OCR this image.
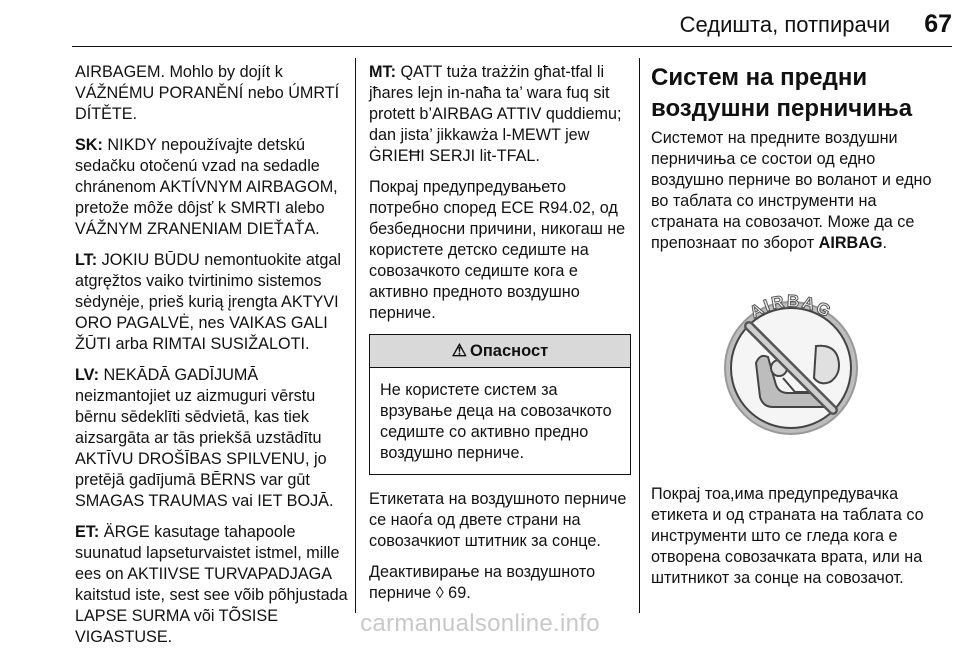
Седишта, потпирачи 67

AIRBAGEM. Mohlo by dojít k VÁŽNÉMU PORANĚNÍ nebo ÚMRTÍ DÍTĚTE.

SK: NIKDY nepoužívajte detskú sedačku otočenú vzad na sedadle chránenom AKTÍVNYM AIRBAGOM, pretože môže dôjsť k SMRTI alebo VÁŽNYM ZRANENIAM DIEŤAŤA.

LT: JOKIU BŪDU nemontuokite atgal atgręžtos vaiko tvirtinimo sistemos sėdynėje, prieš kurią įrengta AKTYVI ORO PAGALVĖ, nes VAIKAS GALI ŽŪTI arba RIMTAI SUSIŽALOTI.

LV: NEKĀDĀ GADĪJUMĀ neizmantojiet uz aizmuguri vērstu bērnu sēdeklīti sēdvietā, kas tiek aizsargāta ar tās priekšā uzstādītu AKTĪVU DROŠĪBAS SPILVENU, jo pretējā gadījumā BĒRNS var gūt SMAGAS TRAUMAS vai IET BOJĀ.

ET: ÄRGE kasutage tahapoole suunatud lapseturvaistet istmel, mille ees on AKTIIVSE TURVAPADJAGA kaitstud iste, sest see võib põhjustada LAPSE SURMA või TÕSISE VIGASTUSE.

MT: QATT tuża trażżin għat-tfal li jħares lejn in-naħa ta’ wara fuq sit protett b’AIRBAG ATTIV quddiemu; dan jista’ jikkawża l-MEWT jew ĠRIEĦI SERJI lit-TFAL.

Покрај предупредувањето потребно според ECE R94.02, од безбедносни причини, никогаш не користете детско седиште на совозачкото седиште кога е активно предното воздушно перниче.

⚠ Опасност
Не користете систем за врзување деца на совозачкото седиште со активно предно воздушно перниче.

Етикетата на воздушното перниче се наоѓа од двете страни на совозачкиот штитник за сонце.

Деактивирање на воздушното перниче ◊ 69.

Систем на предни воздушни перничиња

Системот на предните воздушни перничиња се состои од едно воздушно перниче во воланот и едно во таблата со инструменти на страната на совозачот. Може да се препознаат по зборот AIRBAG.

AIRBAG

Покрај тоа,има предупредувачка етикета и од страната на таблата со инструменти што се гледа кога е отворена совозачката врата, или на штитникот за сонце на совозачот.

carmanualsonline.info
